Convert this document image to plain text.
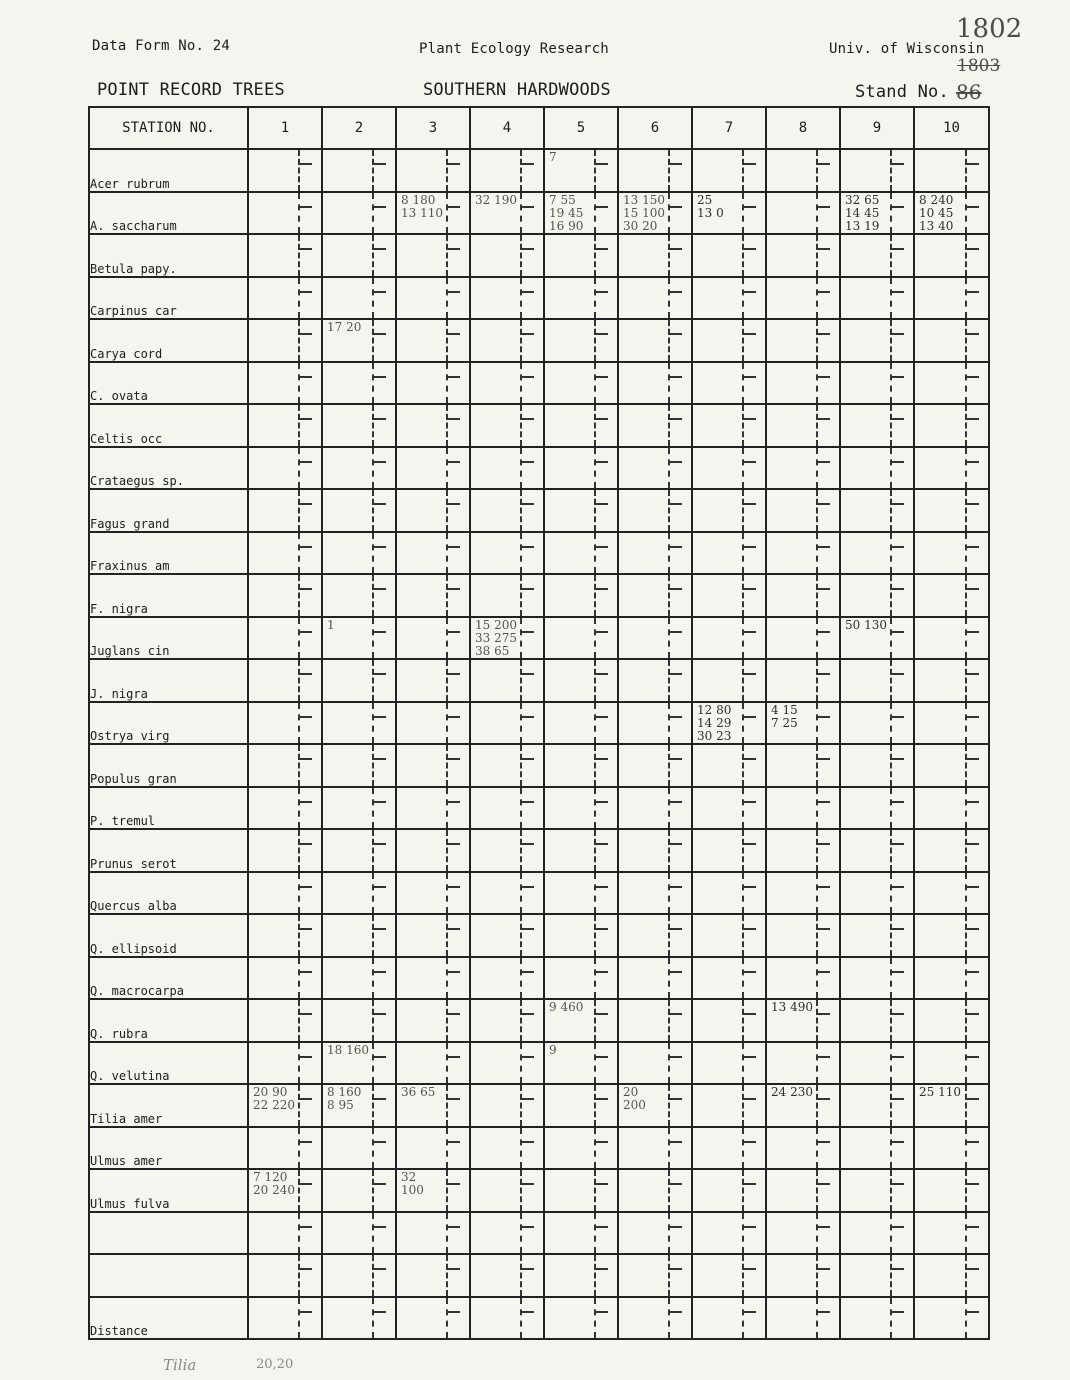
Data Form No. 24	Plant Ecology Research	Univ. of Wisconsin
1802
1803
POINT RECORD TREES	SOUTHERN HARDWOODS	Stand No. 86
STATION NO.	1	2	3	4	5	6	7	8	9	10
Acer rubrum					7					

A. saccharum			8 180
13 110	32 190	7 55
19 45
16 90	13 150
15 100
30 20	25
13 0		32 65
14 45
13 19	8 240
10 45
13 40

Betula papy.	

Carpinus car	

Carya cord		17 20								

C. ovata	

Celtis occ	

Crataegus sp.	

Fagus grand	

Fraxinus am	

F. nigra	

Juglans cin		1		15 200
33 275
38 65					50 130	

J. nigra	

Ostrya virg							12 80
14 29
30 23	4 15
7 25		

Populus gran	

P. tremul	

Prunus serot	

Quercus alba	

Q. ellipsoid	

Q. macrocarpa	

Q. rubra					9 460			13 490		

Q. velutina		18 160			9					

Tilia amer	20 90
22 220	8 160
8 95	36 65			20
200		24 230		25 110

Ulmus amer	

Ulmus fulva	7 120
20 240		32
100							

Distance	

Tilia	20,20
